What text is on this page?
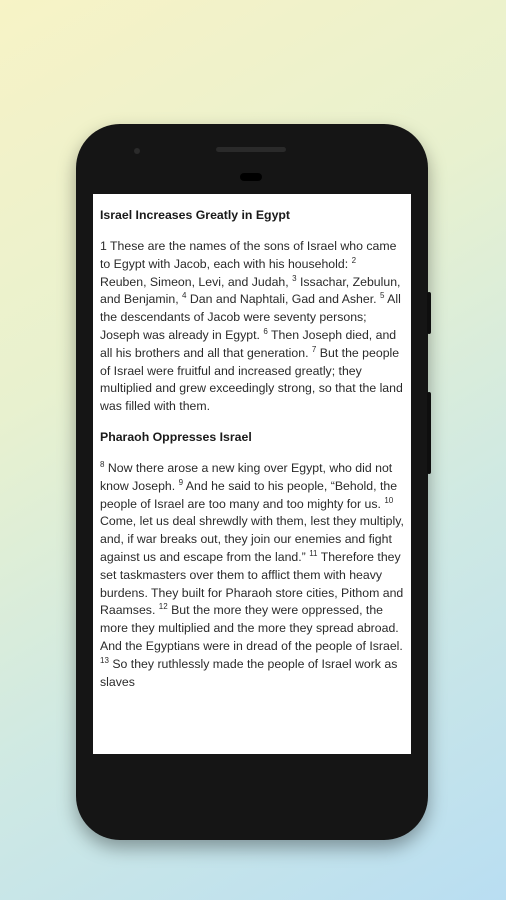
Israel Increases Greatly in Egypt

1 These are the names of the sons of Israel who came to Egypt with Jacob, each with his household: $^2$ Reuben, Simeon, Levi, and Judah, $^3$ Issachar, Zebulun, and Benjamin, $^4$ Dan and Naphtali, Gad and Asher. $^5$ All the descendants of Jacob were seventy persons; Joseph was already in Egypt. $^6$ Then Joseph died, and all his brothers and all that generation. $^7$ But the people of Israel were fruitful and increased greatly; they multiplied and grew exceedingly strong, so that the land was filled with them.

Pharaoh Oppresses Israel

$^8$ Now there arose a new king over Egypt, who did not know Joseph. $^9$ And he said to his people, “Behold, the people of Israel are too many and too mighty for us. $^{10}$ Come, let us deal shrewdly with them, lest they multiply, and, if war breaks out, they join our enemies and fight against us and escape from the land.” $^{11}$ Therefore they set taskmasters over them to afflict them with heavy burdens. They built for Pharaoh store cities, Pithom and Raamses. $^{12}$ But the more they were oppressed, the more they multiplied and the more they spread abroad. And the Egyptians were in dread of the people of Israel. $^{13}$ So they ruthlessly made the people of Israel work as slaves
